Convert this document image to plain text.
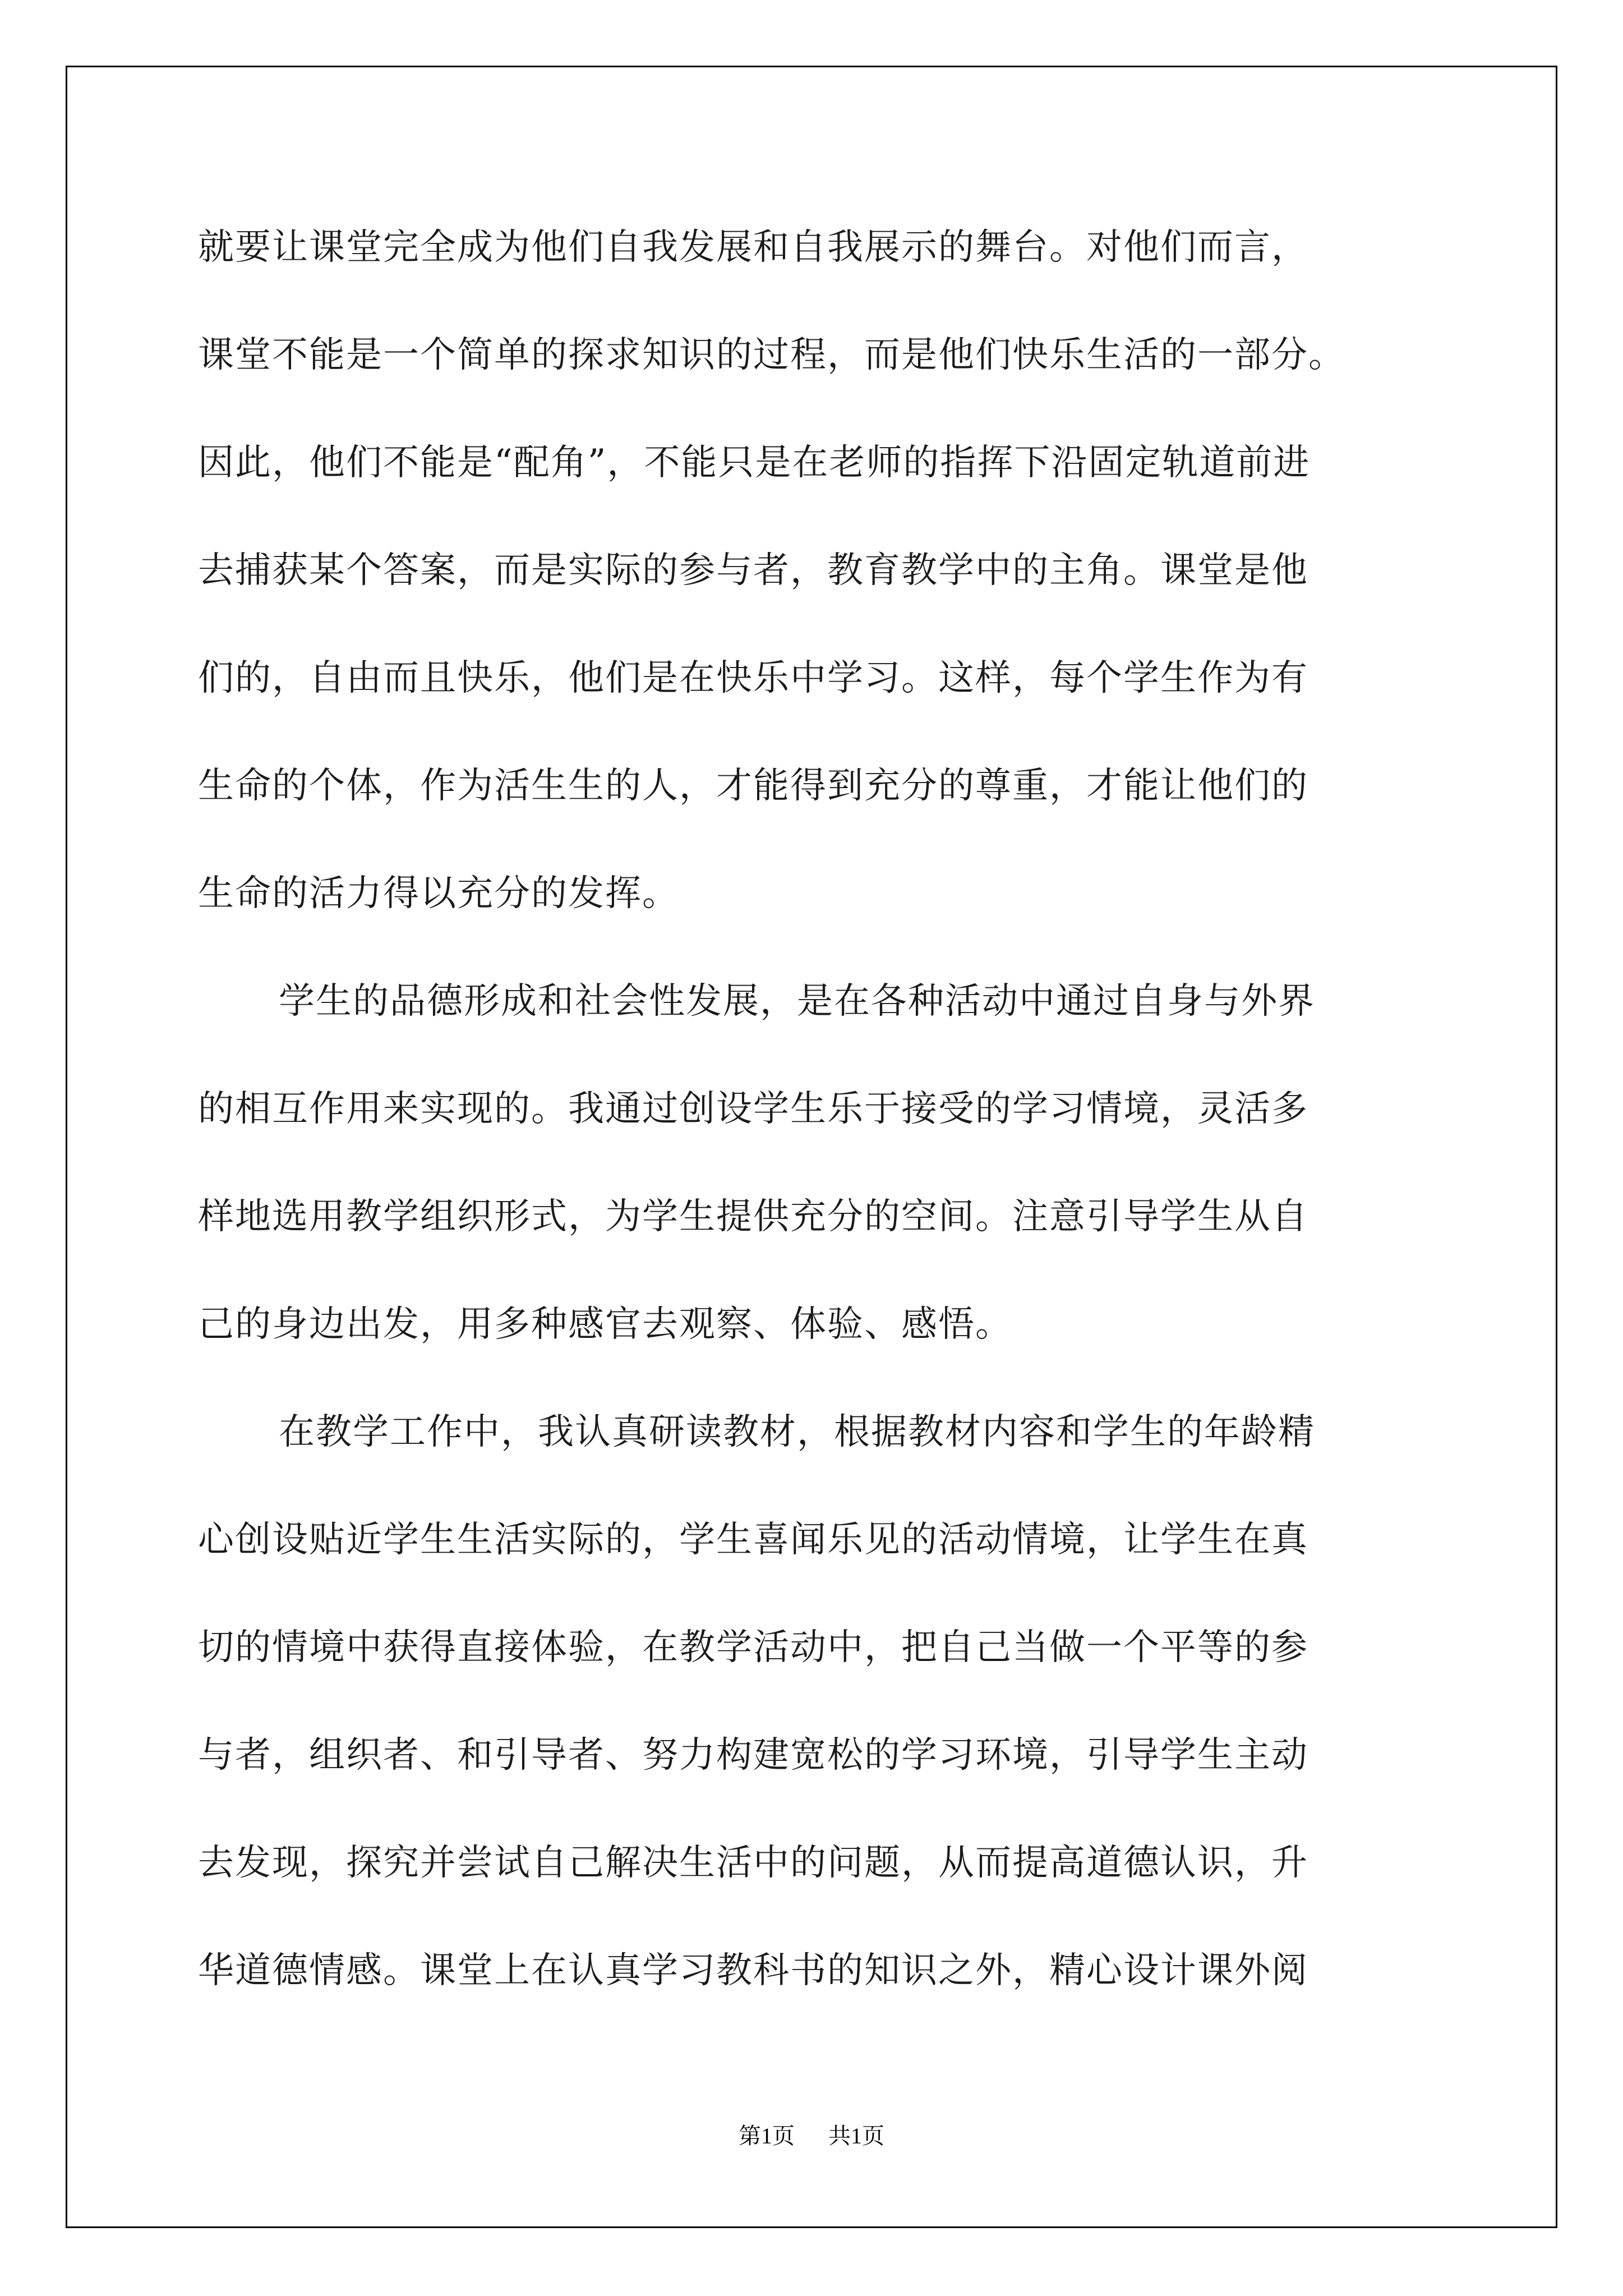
就要让课堂完全成为他们自我发展和自我展示的舞台。对他们而言，
课堂不能是一个简单的探求知识的过程，而是他们快乐生活的一部分。
因此，他们不能是“配角”，不能只是在老师的指挥下沿固定轨道前进
去捕获某个答案，而是实际的参与者，教育教学中的主角。课堂是他
们的，自由而且快乐，他们是在快乐中学习。这样，每个学生作为有
生命的个体，作为活生生的人，才能得到充分的尊重，才能让他们的
生命的活力得以充分的发挥。
学生的品德形成和社会性发展，是在各种活动中通过自身与外界
的相互作用来实现的。我通过创设学生乐于接受的学习情境，灵活多
样地选用教学组织形式，为学生提供充分的空间。注意引导学生从自
己的身边出发，用多种感官去观察、体验、感悟。
在教学工作中，我认真研读教材，根据教材内容和学生的年龄精
心创设贴近学生生活实际的，学生喜闻乐见的活动情境，让学生在真
切的情境中获得直接体验，在教学活动中，把自己当做一个平等的参
与者，组织者、和引导者、努力构建宽松的学习环境，引导学生主动
去发现，探究并尝试自己解决生活中的问题，从而提高道德认识，升
华道德情感。课堂上在认真学习教科书的知识之外，精心设计课外阅
第1页 共1页
